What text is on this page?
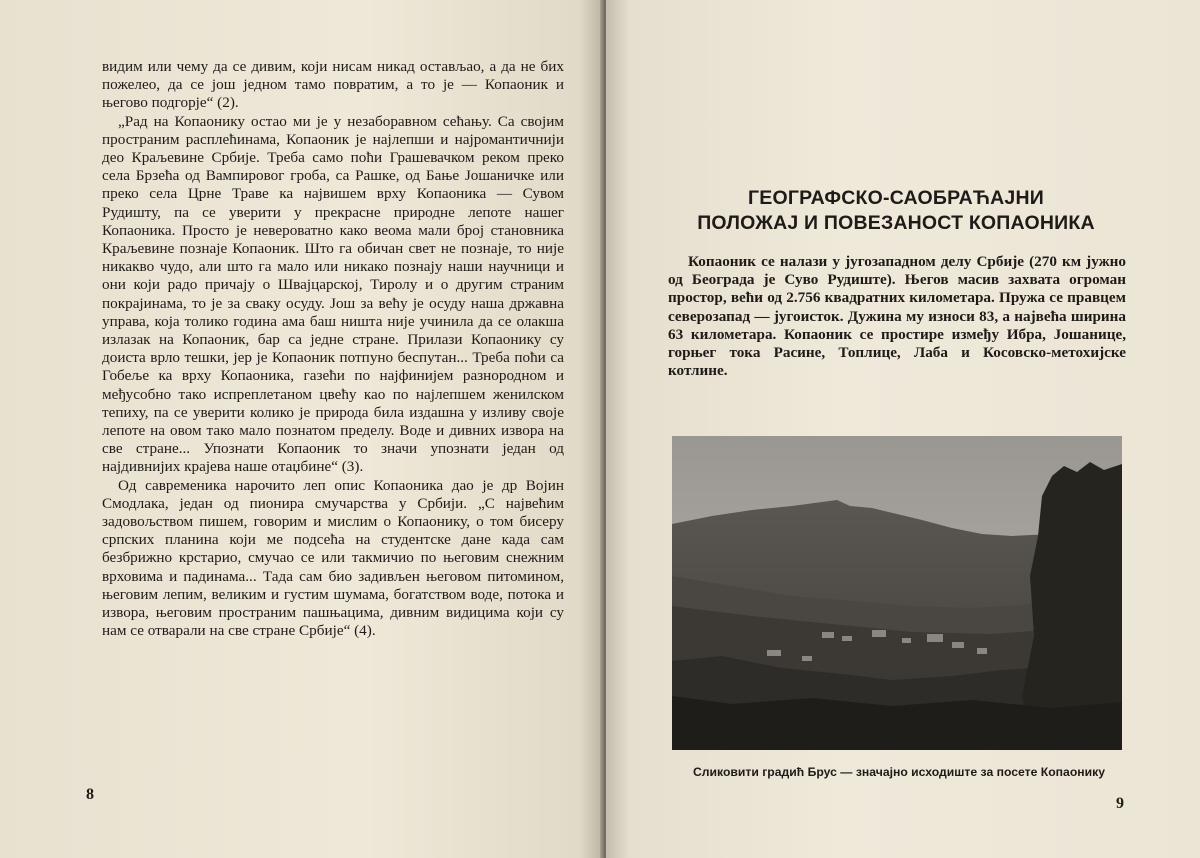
видим или чему да се дивим, који нисам никад остављао, а да не бих пожелео, да се још једном тамо повратим, а то је — Копаоник и његово подгорје“ (2).

„Рад на Копаонику остао ми је у незаборавном сећању. Са својим пространим расплећинама, Копаоник је најлепши и најромантичнији део Краљевине Србије. Треба само поћи Грашевачком реком преко села Брзећа од Вампировог гроба, са Рашке, од Бање Јошаничке или преко села Црне Траве ка највишем врху Копаоника — Сувом Рудишту, па се уверити у прекрасне природне лепоте нашег Копаоника. Просто је невероватно како веома мали број становника Краљевине познаје Копаоник. Што га обичан свет не познаје, то није никакво чудо, али што га мало или никако познају наши научници и они који радо причају о Швајцарској, Тиролу и о другим страним покрајинама, то је за сваку осуду. Још за већу је осуду наша државна управа, која толико година ама баш ништа није учинила да се олакша излазак на Копаоник, бар са једне стране. Прилази Копаонику су доиста врло тешки, јер је Копаоник потпуно беспутан... Треба поћи са Гобеље ка врху Копаоника, газећи по најфинијем разнородном и међусобно тако испреплетаном цвећу као по најлепшем женилском тепиху, па се уверити колико је природа била издашна у изливу своје лепоте на овом тако мало познатом пределу. Воде и дивних извора на све стране... Упознати Копаоник то значи упознати један од најдивнијих крајева наше отаџбине“ (3).

Од савременика нарочито леп опис Копаоника дао је др Војин Смодлака, један од пионира смучарства у Србији. „С највећим задовољством пишем, говорим и мислим о Копаонику, о том бисеру српских планина који ме подсећа на студентске дане када сам безбрижно крстарио, смучао се или такмичио по његовим снежним врховима и падинама... Тада сам био задивљен његовом питомином, његовим лепим, великим и густим шумама, богатством воде, потока и извора, његовим пространим пашњацима, дивним видицима који су нам се отварали на све стране Србије“ (4).

8
ГЕОГРАФСКО-САОБРАЋАЈНИ
ПОЛОЖАЈ И ПОВЕЗАНОСТ КОПАОНИКА

Копаоник се налази у југозападном делу Србије (270 км јужно од Београда је Суво Рудиште). Његов масив захвата огроман простор, већи од 2.756 квадратних километара. Пружа се правцем северозапад — југоисток. Дужина му износи 83, а највећа ширина 63 километара. Копаоник се простире између Ибра, Јошанице, горњег тока Расине, Топлице, Лаба и Косовско-метохијске котлине.

Сликовити градић Брус — значајно исходиште за посете Копаонику
9
